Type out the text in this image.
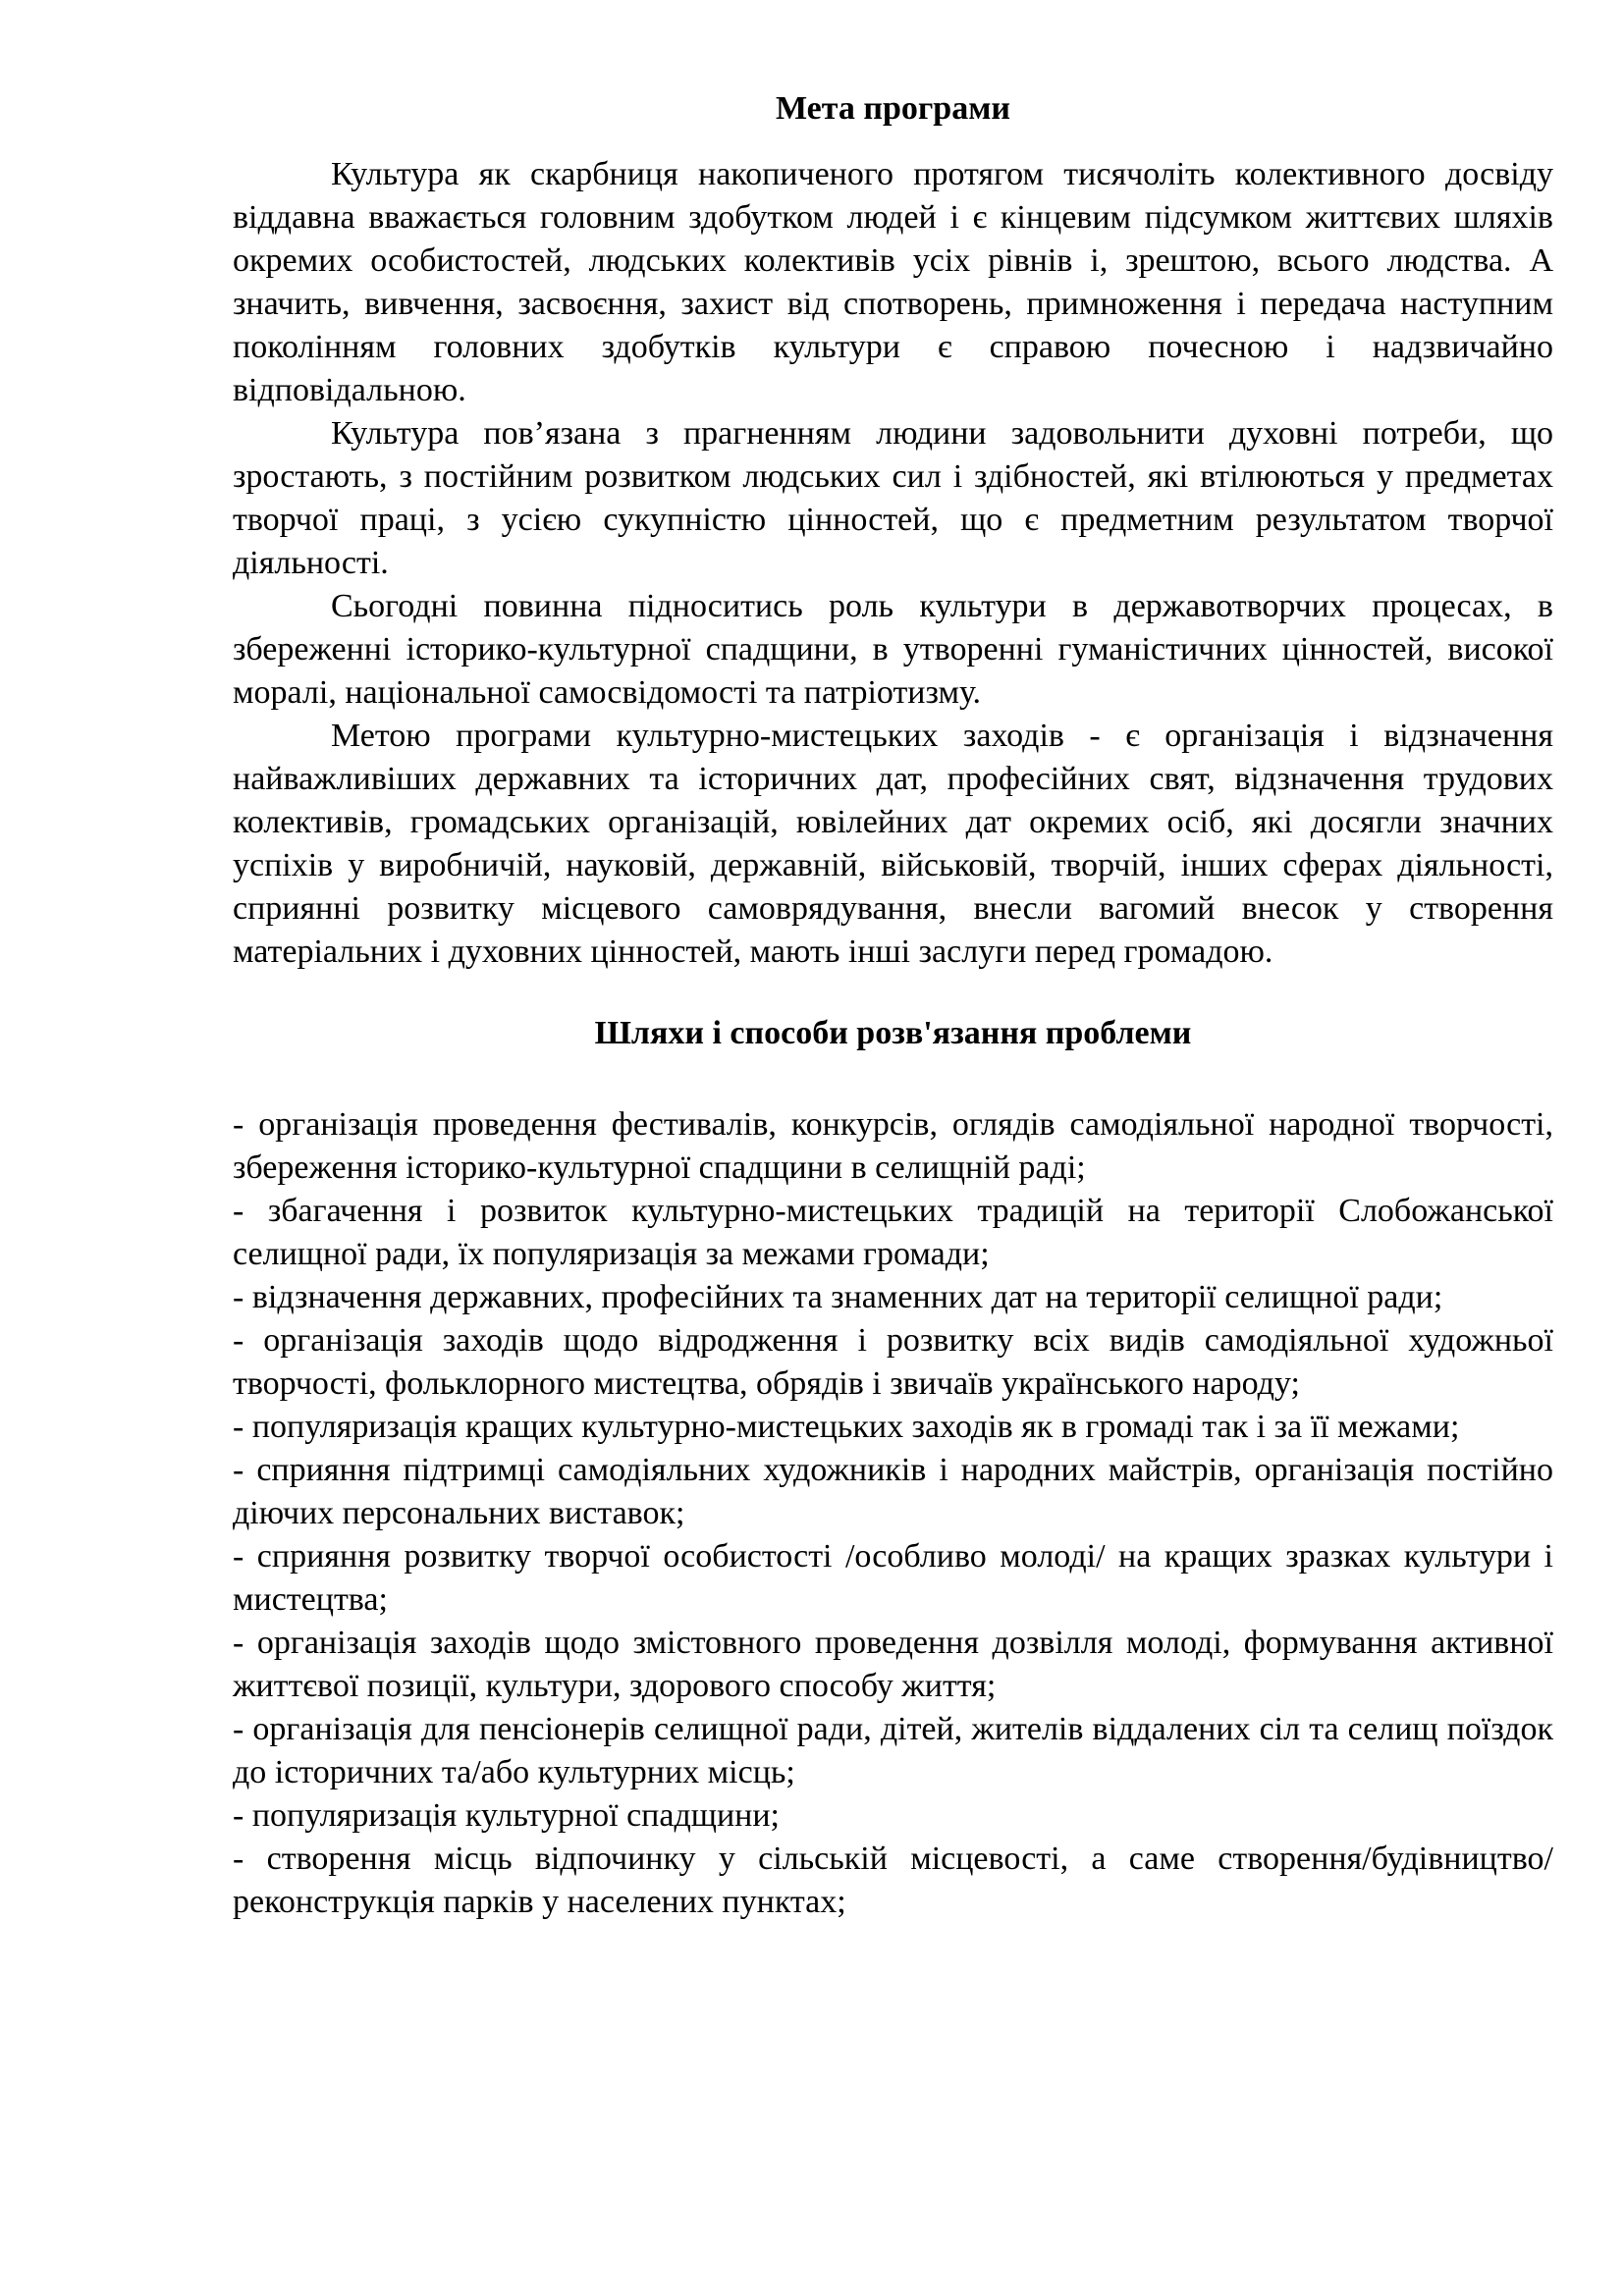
Мета програми

Культура як скарбниця накопиченого протягом тисячоліть колективного досвіду віддавна вважається головним здобутком людей і є кінцевим підсумком життєвих шляхів окремих особистостей, людських колективів усіх рівнів і, зрештою, всього людства. А значить, вивчення, засвоєння, захист від спотворень, примноження і передача наступним поколінням головних здобутків культури є справою почесною і надзвичайно відповідальною.

Культура пов’язана з прагненням людини задовольнити духовні потреби, що зростають, з постійним розвитком людських сил і здібностей, які втілюються у предметах творчої праці, з усією сукупністю цінностей, що є предметним результатом творчої діяльності.

Сьогодні повинна підноситись роль культури в державотворчих процесах, в збереженні історико-культурної спадщини, в утворенні гуманістичних цінностей, високої моралі, національної самосвідомості та патріотизму.

Метою програми культурно-мистецьких заходів - є організація і відзначення найважливіших державних та історичних дат, професійних свят, відзначення трудових колективів, громадських організацій, ювілейних дат окремих осіб, які досягли значних успіхів у виробничій, науковій, державній, військовій, творчій, інших сферах діяльності, сприянні розвитку місцевого самоврядування, внесли вагомий внесок у створення матеріальних і духовних цінностей, мають інші заслуги перед громадою.

Шляхи і способи розв'язання проблеми
- організація проведення фестивалів, конкурсів, оглядів самодіяльної народної творчості, збереження історико-культурної спадщини в селищній раді;
- збагачення і розвиток культурно-мистецьких традицій на території Слобожанської селищної ради, їх популяризація за межами громади;
- відзначення державних, професійних та знаменних дат на території селищної ради;
- організація заходів щодо відродження і розвитку всіх видів самодіяльної художньої творчості, фольклорного мистецтва, обрядів і звичаїв українського народу;
- популяризація кращих культурно-мистецьких заходів як в громаді так і за її межами;
- сприяння підтримці самодіяльних художників і народних майстрів, організація постійно діючих персональних виставок;
- сприяння розвитку творчої особистості /особливо молоді/ на кращих зразках культури і мистецтва;
- організація заходів щодо змістовного проведення дозвілля молоді, формування активної життєвої позиції, культури, здорового способу життя;
- організація для пенсіонерів селищної ради, дітей, жителів віддалених сіл та селищ поїздок до історичних та/або культурних місць;
- популяризація культурної спадщини;
- створення місць відпочинку у сільській місцевості, а саме створення/будівництво/ реконструкція парків у населених пунктах;
